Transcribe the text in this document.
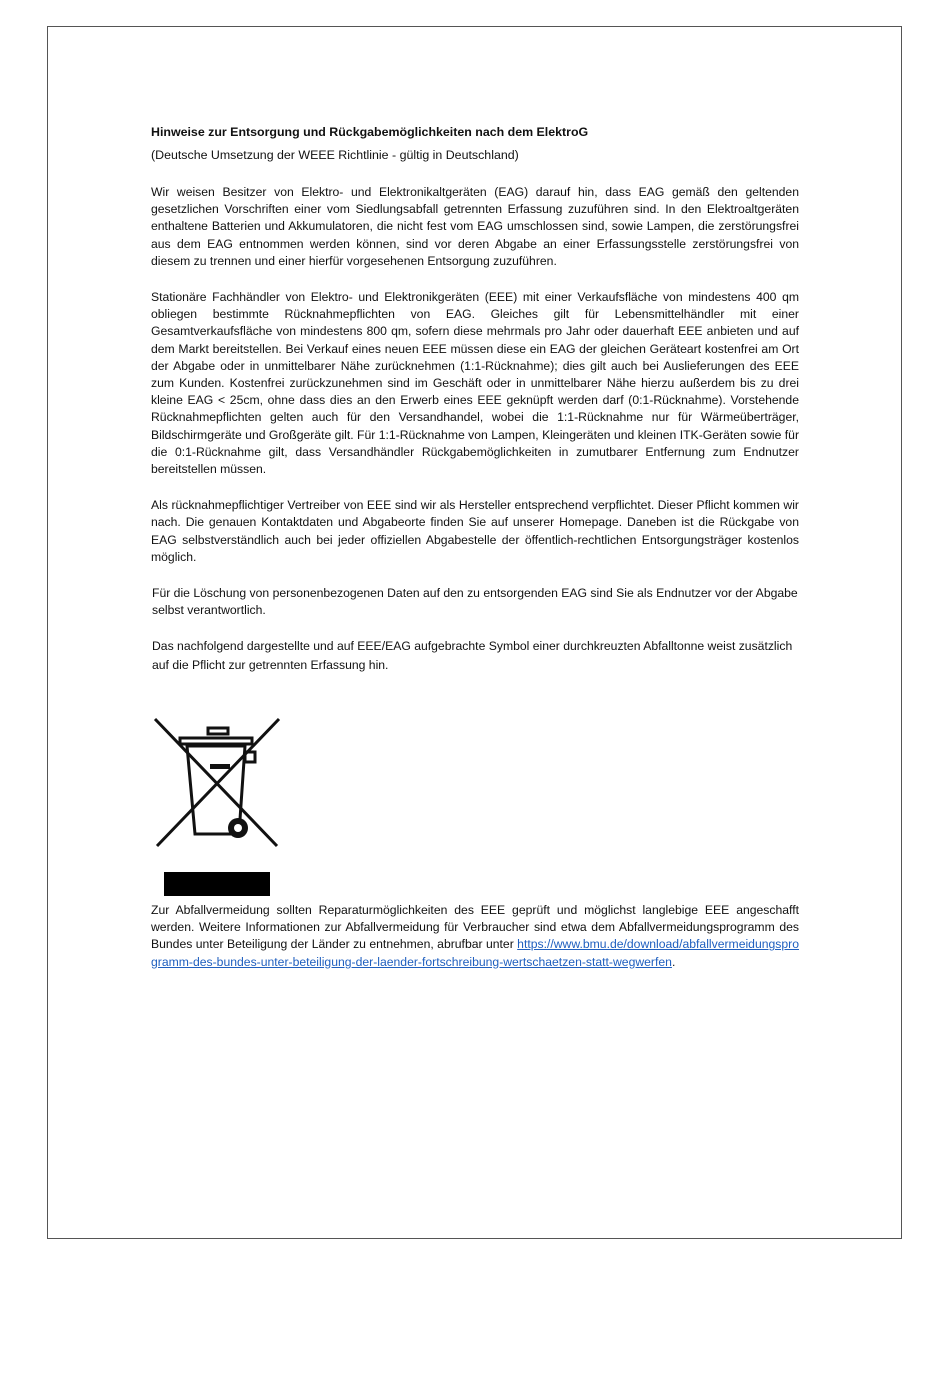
Hinweise zur Entsorgung und Rückgabemöglichkeiten nach dem ElektroG

(Deutsche Umsetzung der WEEE Richtlinie - gültig in Deutschland)

Wir weisen Besitzer von Elektro- und Elektronikaltgeräten (EAG) darauf hin, dass EAG gemäß den geltenden gesetzlichen Vorschriften einer vom Siedlungsabfall getrennten Erfassung zuzuführen sind. In den Elektroaltgeräten enthaltene Batterien und Akkumulatoren, die nicht fest vom EAG umschlossen sind, sowie Lampen, die zerstörungsfrei aus dem EAG entnommen werden können, sind vor deren Abgabe an einer Erfassungsstelle zerstörungsfrei von diesem zu trennen und einer hierfür vorgesehenen Entsorgung zuzuführen.

Stationäre Fachhändler von Elektro- und Elektronikgeräten (EEE) mit einer Verkaufsfläche von mindestens 400 qm obliegen bestimmte Rücknahmepflichten von EAG. Gleiches gilt für Lebensmittelhändler mit einer Gesamtverkaufsfläche von mindestens 800 qm, sofern diese mehrmals pro Jahr oder dauerhaft EEE anbieten und auf dem Markt bereitstellen. Bei Verkauf eines neuen EEE müssen diese ein EAG der gleichen Geräteart kostenfrei am Ort der Abgabe oder in unmittelbarer Nähe zurücknehmen (1:1-Rücknahme); dies gilt auch bei Auslieferungen des EEE zum Kunden. Kostenfrei zurückzunehmen sind im Geschäft oder in unmittelbarer Nähe hierzu außerdem bis zu drei kleine EAG < 25cm, ohne dass dies an den Erwerb eines EEE geknüpft werden darf (0:1-Rücknahme). Vorstehende Rücknahmepflichten gelten auch für den Versandhandel, wobei die 1:1-Rücknahme nur für Wärmeüberträger, Bildschirmgeräte und Großgeräte gilt. Für 1:1-Rücknahme von Lampen, Kleingeräten und kleinen ITK-Geräten sowie für die 0:1-Rücknahme gilt, dass Versandhändler Rückgabemöglichkeiten in zumutbarer Entfernung zum Endnutzer bereitstellen müssen.

Als rücknahmepflichtiger Vertreiber von EEE sind wir als Hersteller entsprechend verpflichtet. Dieser Pflicht kommen wir nach. Die genauen Kontaktdaten und Abgabeorte finden Sie auf unserer Homepage. Daneben ist die Rückgabe von EAG selbstverständlich auch bei jeder offiziellen Abgabestelle der öffentlich-rechtlichen Entsorgungsträger kostenlos möglich.

Für die Löschung von personenbezogenen Daten auf den zu entsorgenden EAG sind Sie als Endnutzer vor der Abgabe selbst verantwortlich.

Das nachfolgend dargestellte und auf EEE/EAG aufgebrachte Symbol einer durchkreuzten Abfalltonne weist zusätzlich auf die Pflicht zur getrennten Erfassung hin.

Zur Abfallvermeidung sollten Reparaturmöglichkeiten des EEE geprüft und möglichst langlebige EEE angeschafft werden. Weitere Informationen zur Abfallvermeidung für Verbraucher sind etwa dem Abfallvermeidungsprogramm des Bundes unter Beteiligung der Länder zu entnehmen, abrufbar unter https://www.bmu.de/download/abfallvermeidungsprogramm-des-bundes-unter-beteiligung-der-laender-fortschreibung-wertschaetzen-statt-wegwerfen.
